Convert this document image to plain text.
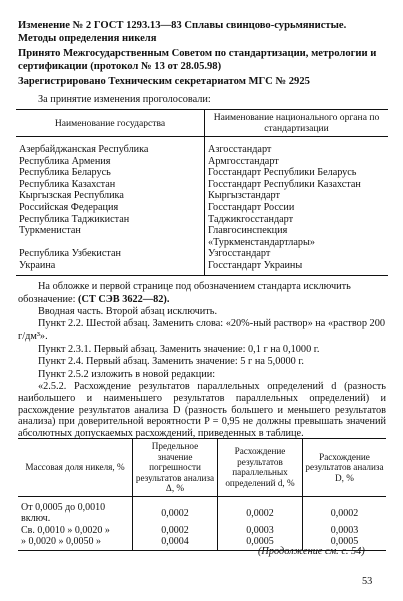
Изменение № 2 ГОСТ 1293.13—83 Сплавы свинцово-сурьмянистые. Методы определения никеля
Принято Межгосударственным Советом по стандартизации, метрологии и сертификации (протокол № 13 от 28.05.98)
Зарегистрировано Техническим секретариатом МГС № 2925
За принятие изменения проголосовали:
Наименование государства	Наименование национального органа по стандартизации
Азербайджанская Республика	Азгосстандарт
Республика Армения	Армгосстандарт
Республика Беларусь	Госстандарт Республики Беларусь
Республика Казахстан	Госстандарт Республики Казахстан
Кыргызская Республика	Кыргызстандарт
Российская Федерация	Госстандарт России
Республика Таджикистан	Таджикгосстандарт
Туркменистан	Главгосинспекция «Туркменстандартлары»
Республика Узбекистан	Узгосстандарт
Украина	Госстандарт Украины
На обложке и первой странице под обозначением стандарта исключить обозначение: (СТ СЭВ 3622—82).
Вводная часть. Второй абзац исключить.
Пункт 2.2. Шестой абзац. Заменить слова: «20%-ный раствор» на «раствор 200 г/дм³».
Пункт 2.3.1. Первый абзац. Заменить значение: 0,1 г на 0,1000 г.
Пункт 2.4. Первый абзац. Заменить значение: 5 г на 5,0000 г.
Пункт 2.5.2 изложить в новой редакции:
«2.5.2. Расхождение результатов параллельных определений d (разность наибольшего и наименьшего результатов параллельных определений) и расхождение результатов анализа D (разность большего и меньшего результатов анализа) при доверительной вероятности P = 0,95 не должны превышать значений абсолютных допускаемых расхождений, приведенных в таблице.
Массовая доля никеля, %	Предельное значение погрешности результатов анализа Δ, %	Расхождение результатов параллельных определений d, %	Расхождение результатов анализа D, %
От 0,0005 до 0,0010 включ.	0,0002	0,0002	0,0002
Св. 0,0010 » 0,0020 »	0,0002	0,0003	0,0003
» 0,0020 » 0,0050 »	0,0004	0,0005	0,0005
(Продолжение см. с. 54)
53
